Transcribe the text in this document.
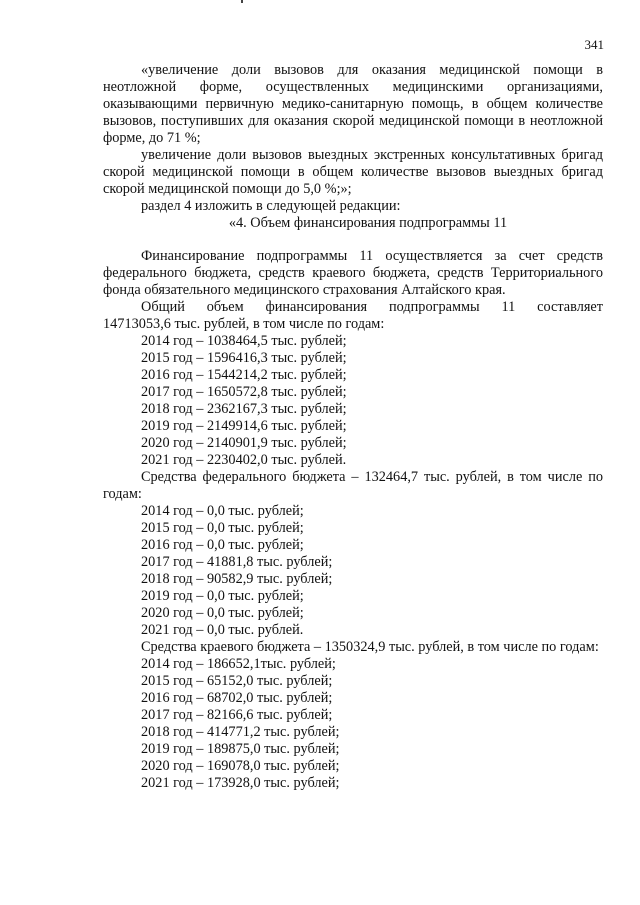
341

«увеличение доли вызовов для оказания медицинской помощи в неотложной форме, осуществленных медицинскими организациями, оказывающими первичную медико-санитарную помощь, в общем количестве вызовов, поступивших для оказания скорой медицинской помощи в неотложной форме, до 71 %;

увеличение доли вызовов выездных экстренных консультативных бригад скорой медицинской помощи в общем количестве вызовов выездных бригад скорой медицинской помощи до 5,0 %;»;

раздел 4 изложить в следующей редакции:

«4. Объем финансирования подпрограммы 11

Финансирование подпрограммы 11 осуществляется за счет средств федерального бюджета, средств краевого бюджета, средств Территориального фонда обязательного медицинского страхования Алтайского края.

Общий объем финансирования подпрограммы 11 составляет

14713053,6 тыс. рублей, в том числе по годам:

2014 год – 1038464,5 тыс. рублей;
2015 год – 1596416,3 тыс. рублей;
2016 год – 1544214,2 тыс. рублей;
2017 год – 1650572,8 тыс. рублей;
2018 год – 2362167,3 тыс. рублей;
2019 год – 2149914,6 тыс. рублей;
2020 год – 2140901,9 тыс. рублей;
2021 год – 2230402,0 тыс. рублей.

Средства федерального бюджета – 132464,7 тыс. рублей, в том числе по годам:

2014 год – 0,0 тыс. рублей;
2015 год – 0,0 тыс. рублей;
2016 год – 0,0 тыс. рублей;
2017 год – 41881,8 тыс. рублей;
2018 год – 90582,9 тыс. рублей;
2019 год – 0,0 тыс. рублей;
2020 год – 0,0 тыс. рублей;
2021 год – 0,0 тыс. рублей.

Средства краевого бюджета – 1350324,9 тыс. рублей, в том числе по годам:

2014 год – 186652,1тыс. рублей;
2015 год – 65152,0 тыс. рублей;
2016 год – 68702,0 тыс. рублей;
2017 год – 82166,6 тыс. рублей;
2018 год – 414771,2 тыс. рублей;
2019 год – 189875,0 тыс. рублей;
2020 год – 169078,0 тыс. рублей;
2021 год – 173928,0 тыс. рублей;
